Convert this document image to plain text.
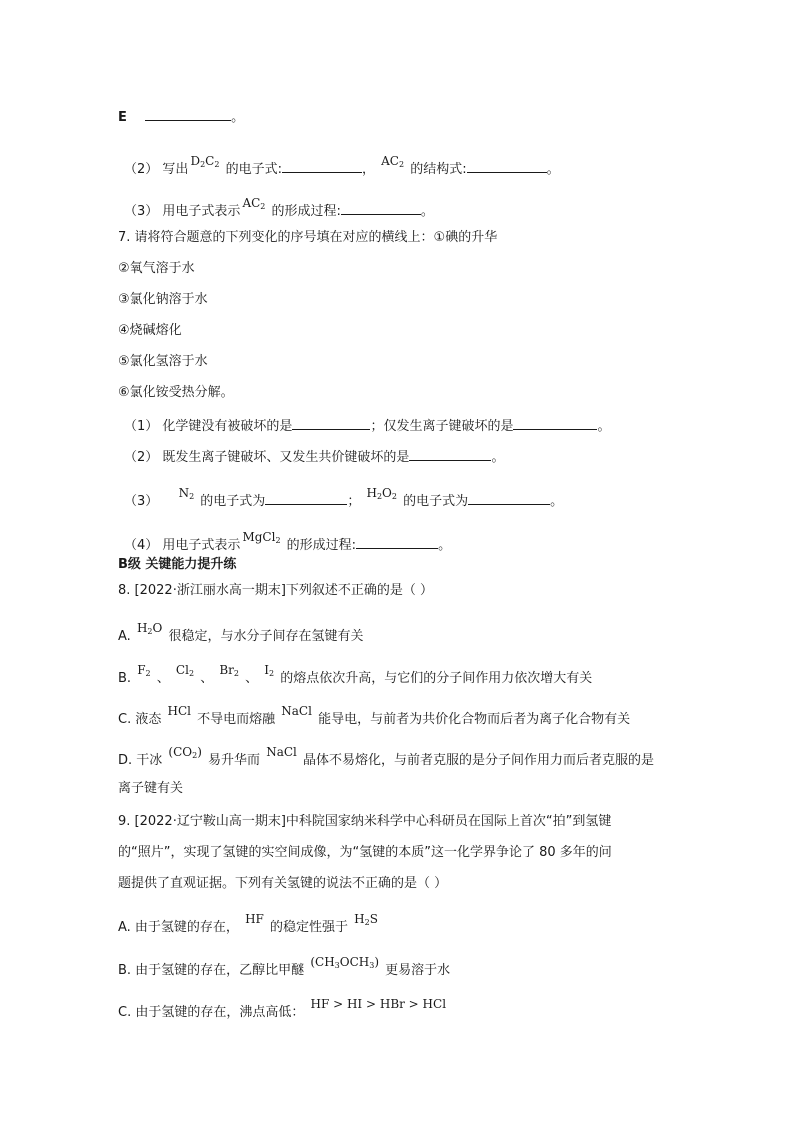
E	。
（2） 写出$D_2C_2$ 的电子式:	， $AC_2$ 的结构式:	。
（3） 用电子式表示$AC_2$ 的形成过程:	。
7. 请将符合题意的下列变化的序号填在对应的横线上：①碘的升华
②氧气溶于水
③氯化钠溶于水
④烧碱熔化
⑤氯化氢溶于水
⑥氯化铵受热分解。
（1） 化学键没有被破坏的是	；仅发生离子键破坏的是	。
（2） 既发生离子键破坏、又发生共价键破坏的是	。
（3）  $N_2$ 的电子式为	； $H_2O_2$ 的电子式为	。
（4） 用电子式表示MgCl$_2$ 的形成过程:	。
B级 关键能力提升练
8. [2022·浙江丽水高一期末]下列叙述不正确的是（ ）
A. $H_2O$ 很稳定，与水分子间存在氢键有关
B. $F_2$ 、 $Cl_2$ 、 $Br_2$ 、 $I_2$ 的熔点依次升高，与它们的分子间作用力依次增大有关
C. 液态 HCl 不导电而熔融 NaCl 能导电，与前者为共价化合物而后者为离子化合物有关
D. 干冰 $(CO_2)$ 易升华而 NaCl 晶体不易熔化，与前者克服的是分子间作用力而后者克服的是
离子键有关
9. [2022·辽宁鞍山高一期末]中科院国家纳米科学中心科研员在国际上首次“拍”到氢键
的“照片”，实现了氢键的实空间成像，为“氢键的本质”这一化学界争论了 80 多年的问
题提供了直观证据。下列有关氢键的说法不正确的是（ ）
A. 由于氢键的存在， HF 的稳定性强于 $H_2S$
B. 由于氢键的存在，乙醇比甲醚 $(CH_3OCH_3)$ 更易溶于水
C. 由于氢键的存在，沸点高低： HF > HI > HBr > HCl
